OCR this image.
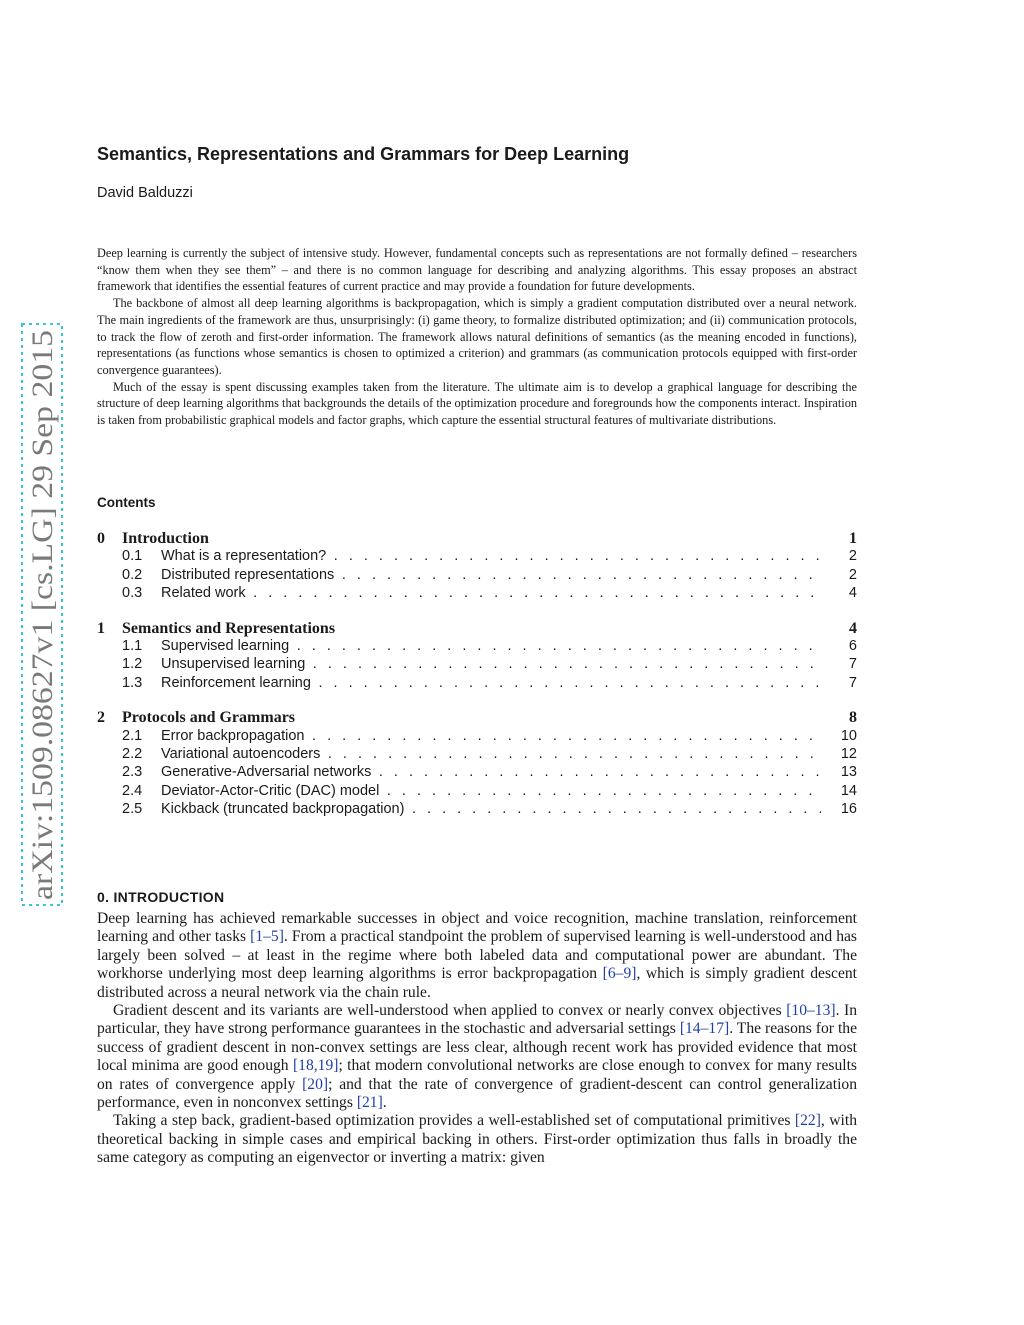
arXiv:1509.08627v1 [cs.LG] 29 Sep 2015
Semantics, Representations and Grammars for Deep Learning
David Balduzzi

Deep learning is currently the subject of intensive study. However, fundamental concepts such as representations are not formally defined – researchers “know them when they see them” – and there is no common language for describing and analyzing algorithms. This essay proposes an abstract framework that identifies the essential features of current practice and may provide a foundation for future developments.

The backbone of almost all deep learning algorithms is backpropagation, which is simply a gradient computation distributed over a neural network. The main ingredients of the framework are thus, unsurprisingly: (i) game theory, to formalize distributed optimization; and (ii) communication protocols, to track the flow of zeroth and first-order information. The framework allows natural definitions of semantics (as the meaning encoded in functions), representations (as functions whose semantics is chosen to optimized a criterion) and grammars (as communication protocols equipped with first-order convergence guarantees).

Much of the essay is spent discussing examples taken from the literature. The ultimate aim is to develop a graphical language for describing the structure of deep learning algorithms that backgrounds the details of the optimization procedure and foregrounds how the components interact. Inspiration is taken from probabilistic graphical models and factor graphs, which capture the essential structural features of multivariate distributions.

Contents
0 Introduction	1
0.1 What is a representation? . . .	2
0.2 Distributed representations . . .	2
0.3 Related work . . .	4
1 Semantics and Representations	4
1.1 Supervised learning . . .	6
1.2 Unsupervised learning . . .	7
1.3 Reinforcement learning . . .	7
2 Protocols and Grammars	8
2.1 Error backpropagation . . .	10
2.2 Variational autoencoders . . .	12
2.3 Generative-Adversarial networks . . .	13
2.4 Deviator-Actor-Critic (DAC) model . . .	14
2.5 Kickback (truncated backpropagation) . . .	16
0. INTRODUCTION

Deep learning has achieved remarkable successes in object and voice recognition, machine translation, reinforcement learning and other tasks [1–5]. From a practical standpoint the problem of supervised learning is well-understood and has largely been solved – at least in the regime where both labeled data and computational power are abundant. The workhorse underlying most deep learning algorithms is error backpropagation [6–9], which is simply gradient descent distributed across a neural network via the chain rule.

Gradient descent and its variants are well-understood when applied to convex or nearly convex objectives [10–13]. In particular, they have strong performance guarantees in the stochastic and adversarial settings [14–17]. The reasons for the success of gradient descent in non-convex settings are less clear, although recent work has provided evidence that most local minima are good enough [18,19]; that modern convolutional networks are close enough to convex for many results on rates of convergence apply [20]; and that the rate of convergence of gradient-descent can control generalization performance, even in nonconvex settings [21].

Taking a step back, gradient-based optimization provides a well-established set of computational primitives [22], with theoretical backing in simple cases and empirical backing in others. First-order optimization thus falls in broadly the same category as computing an eigenvector or inverting a matrix: given
